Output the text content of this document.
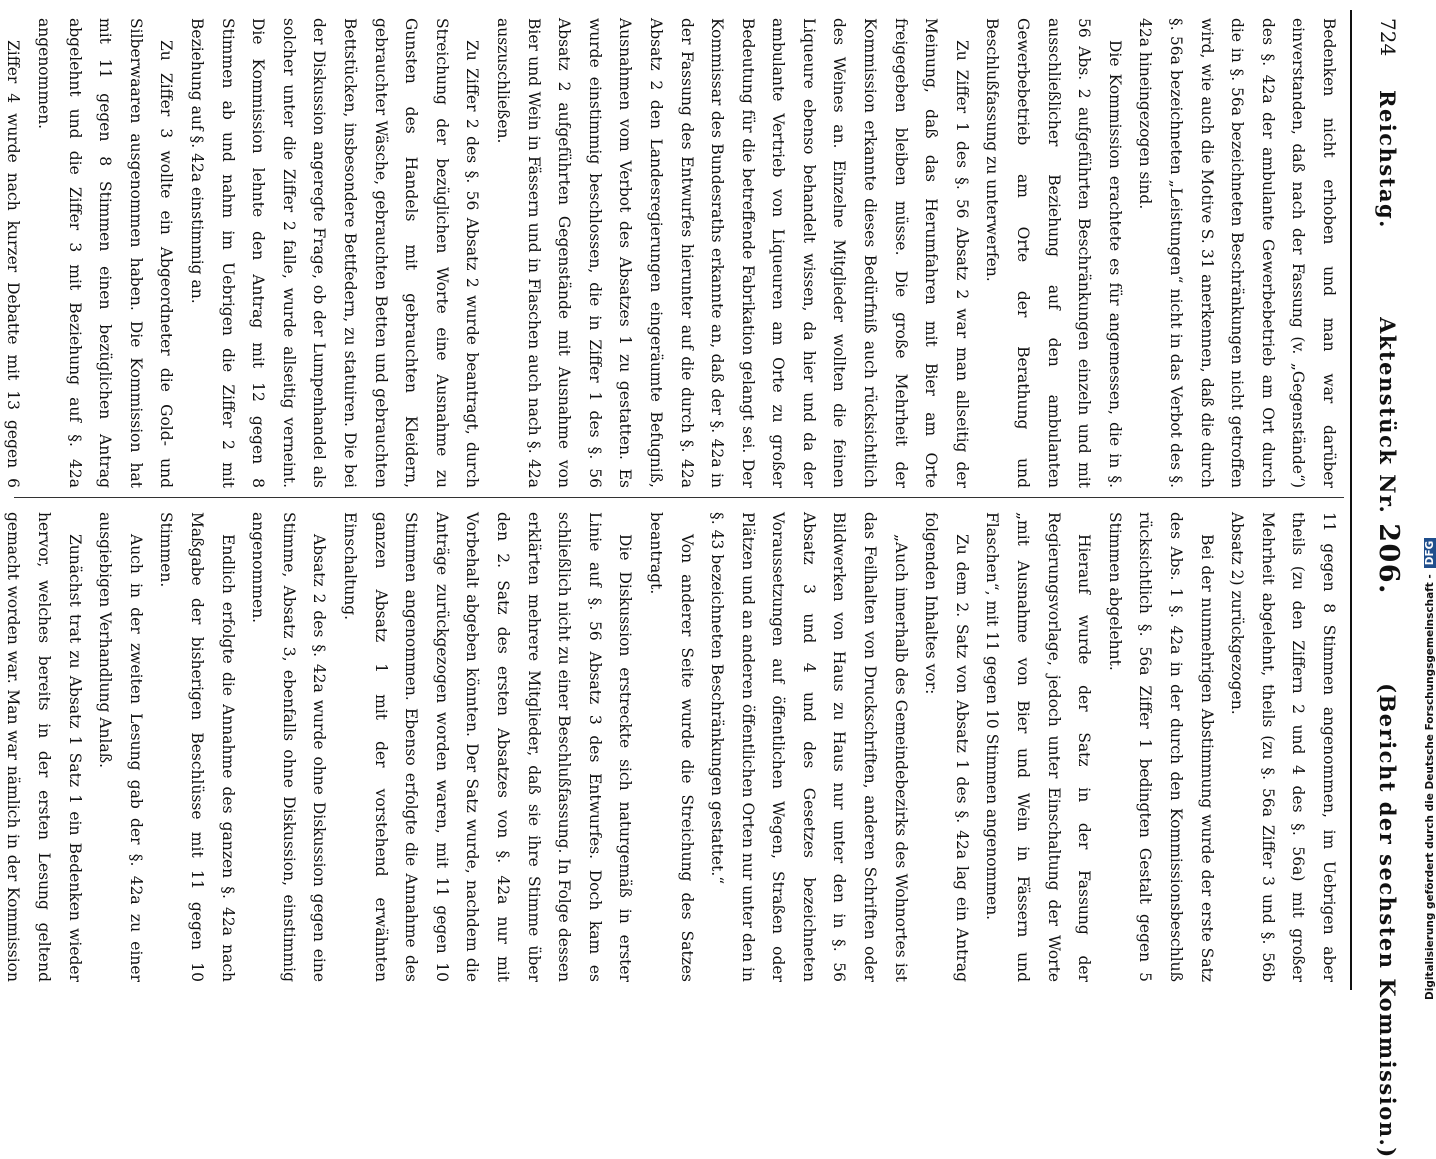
724
Reichstag.          Aktenstück Nr. 206.          (Bericht der sechsten Kommission.)

Bedenken nicht erhoben und man war darüber einverstanden, daß nach der Fassung (v. „Gegenstände“) des §. 42a der ambulante Gewerbebetrieb am Ort durch die in §. 56a bezeichneten Beschränkungen nicht getroffen wird, wie auch die Motive S. 31 anerkennen, daß die durch §. 56a bezeichneten „Leistungen“ nicht in das Verbot des §. 42a hineingezogen sind.

Die Kommission erachtete es für angemessen, die in §. 56 Abs. 2 aufgeführten Beschränkungen einzeln und mit ausschließlicher Beziehung auf den ambulanten Gewerbebetrieb am Orte der Berathung und Beschlußfassung zu unterwerfen.

Zu Ziffer 1 des §. 56 Absatz 2 war man allseitig der Meinung, daß das Herumfahren mit Bier am Orte freigegeben bleiben müsse. Die große Mehrheit der Kommission erkannte dieses Bedürfniß auch rücksichtlich des Weines an. Einzelne Mitglieder wollten die feinen Liqueure ebenso behandelt wissen, da hier und da der ambulante Vertrieb von Liqueuren am Orte zu großer Bedeutung für die betreffende Fabrikation gelangt sei. Der Kommissar des Bundesraths erkannte an, daß der §. 42a in der Fassung des Entwurfes hierunter auf die durch §. 42a Absatz 2 den Landesregierungen eingeräumte Befugniß, Ausnahmen vom Verbot des Absatzes 1 zu gestatten. Es wurde einstimmig beschlossen, die in Ziffer 1 des §. 56 Absatz 2 aufgeführten Gegenstände mit Ausnahme von Bier und Wein in Fässern und in Flaschen auch nach §. 42a auszuschließen.

Zu Ziffer 2 des §. 56 Absatz 2 wurde beantragt, durch Streichung der bezüglichen Worte eine Ausnahme zu Gunsten des Handels mit gebrauchten Kleidern, gebrauchter Wäsche, gebrauchten Betten und gebrauchten Bettstücken, insbesondere Bettfedern, zu statuiren. Die bei der Diskussion angeregte Frage, ob der Lumpenhandel als solcher unter die Ziffer 2 falle, wurde allseitig verneint. Die Kommission lehnte den Antrag mit 12 gegen 8 Stimmen ab und nahm im Uebrigen die Ziffer 2 mit Beziehung auf §. 42a einstimmig an.

Zu Ziffer 3 wollte ein Abgeordneter die Gold- und Silberwaaren ausgenommen haben. Die Kommission hat mit 11 gegen 8 Stimmen einen bezüglichen Antrag abgelehnt und die Ziffer 3 mit Beziehung auf §. 42a angenommen.

Ziffer 4 wurde nach kurzer Debatte mit 13 gegen 6

11 gegen 8 Stimmen angenommen, im Uebrigen aber theils (zu den Ziffern 2 und 4 des §. 56a) mit großer Mehrheit abgelehnt, theils (zu §. 56a Ziffer 3 und §. 56b Absatz 2) zurückgezogen.

Bei der nunmehrigen Abstimmung wurde der erste Satz des Abs. 1 §. 42a in der durch den Kommissionsbeschluß rücksichtlich §. 56a Ziffer 1 bedingten Gestalt gegen 5 Stimmen abgelehnt.

Hierauf wurde der Satz in der Fassung der Regierungsvorlage, jedoch unter Einschaltung der Worte „mit Ausnahme von Bier und Wein in Fässern und Flaschen“, mit 11 gegen 10 Stimmen angenommen.

Zu dem 2. Satz von Absatz 1 des §. 42a lag ein Antrag folgenden Inhaltes vor:

„Auch innerhalb des Gemeindebezirks des Wohnortes ist das Feilhalten von Druckschriften, anderen Schriften oder Bildwerken von Haus zu Haus nur unter den in §. 56 Absatz 3 und 4 und des Gesetzes bezeichneten Voraussetzungen auf öffentlichen Wegen, Straßen oder Plätzen und an anderen öffentlichen Orten nur unter den in §. 43 bezeichneten Beschränkungen gestattet.“

Von anderer Seite wurde die Streichung des Satzes beantragt.

Die Diskussion erstreckte sich naturgemäß in erster Linie auf §. 56 Absatz 3 des Entwurfes. Doch kam es schließlich nicht zu einer Beschlußfassung. In Folge dessen erklärten mehrere Mitglieder, daß sie ihre Stimme über den 2. Satz des ersten Absatzes von §. 42a nur mit Vorbehalt abgeben könnten. Der Satz wurde, nachdem die Anträge zurückgezogen worden waren, mit 11 gegen 10 Stimmen angenommen. Ebenso erfolgte die Annahme des ganzen Absatz 1 mit der vorstehend erwähnten Einschaltung.

Absatz 2 des §. 42a wurde ohne Diskussion gegen eine Stimme, Absatz 3, ebenfalls ohne Diskussion, einstimmig angenommen.

Endlich erfolgte die Annahme des ganzen §. 42a nach Maßgabe der bisherigen Beschlüsse mit 11 gegen 10 Stimmen.

Auch in der zweiten Lesung gab der §. 42a zu einer ausgiebigen Verhandlung Anlaß.

Zunächst trat zu Absatz 1 Satz 1 ein Bedenken wieder hervor, welches bereits in der ersten Lesung geltend gemacht worden war. Man war nämlich in der Kommission	Digitalisierung gefördert durch die Deutsche Forschungsgemeinschaft -DFG
